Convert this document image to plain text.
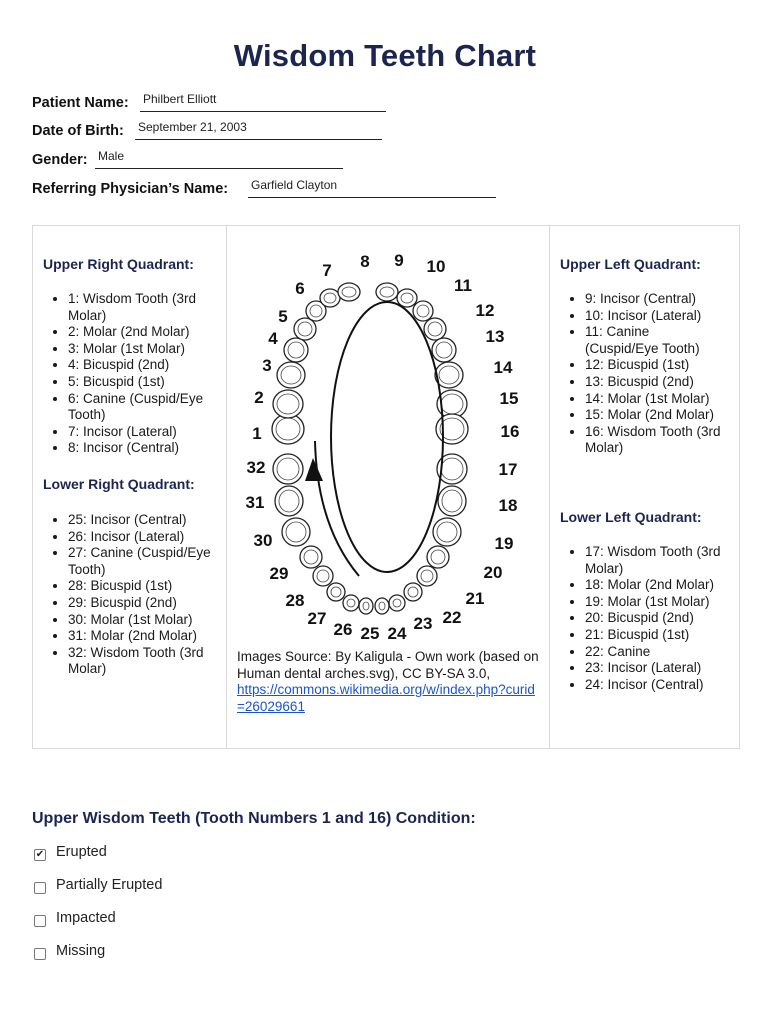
Wisdom Teeth Chart
Patient Name: Philbert Elliott
Date of Birth: September 21, 2003
Gender: Male
Referring Physician’s Name: Garfield Clayton
Upper Right Quadrant:
• 1: Wisdom Tooth (3rd Molar)
• 2: Molar (2nd Molar)
• 3: Molar (1st Molar)
• 4: Bicuspid (2nd)
• 5: Bicuspid (1st)
• 6: Canine (Cuspid/Eye Tooth)
• 7: Incisor (Lateral)
• 8: Incisor (Central)
Lower Right Quadrant:
• 25: Incisor (Central)
• 26: Incisor (Lateral)
• 27: Canine (Cuspid/Eye Tooth)
• 28: Bicuspid (1st)
• 29: Bicuspid (2nd)
• 30: Molar (1st Molar)
• 31: Molar (2nd Molar)
• 32: Wisdom Tooth (3rd Molar)
1
2
3
4
5
6
7 8 9 10
11
12
13
14
15
16
17
18
19
20
21
22
23
24
25
26
27
28
29
30
31
32
Images Source: By Kaligula - Own work (based on Human dental arches.svg), CC BY-SA 3.0,
https://commons.wikimedia.org/w/index.php?curid=26029661
Upper Left Quadrant:
• 9: Incisor (Central)
• 10: Incisor (Lateral)
• 11: Canine (Cuspid/Eye Tooth)
• 12: Bicuspid (1st)
• 13: Bicuspid (2nd)
• 14: Molar (1st Molar)
• 15: Molar (2nd Molar)
• 16: Wisdom Tooth (3rd Molar)
Lower Left Quadrant:
• 17: Wisdom Tooth (3rd Molar)
• 18: Molar (2nd Molar)
• 19: Molar (1st Molar)
• 20: Bicuspid (2nd)
• 21: Bicuspid (1st)
• 22: Canine
• 23: Incisor (Lateral)
• 24: Incisor (Central)
Upper Wisdom Teeth (Tooth Numbers 1 and 16) Condition:
✔ Erupted
Partially Erupted
Impacted
Missing
